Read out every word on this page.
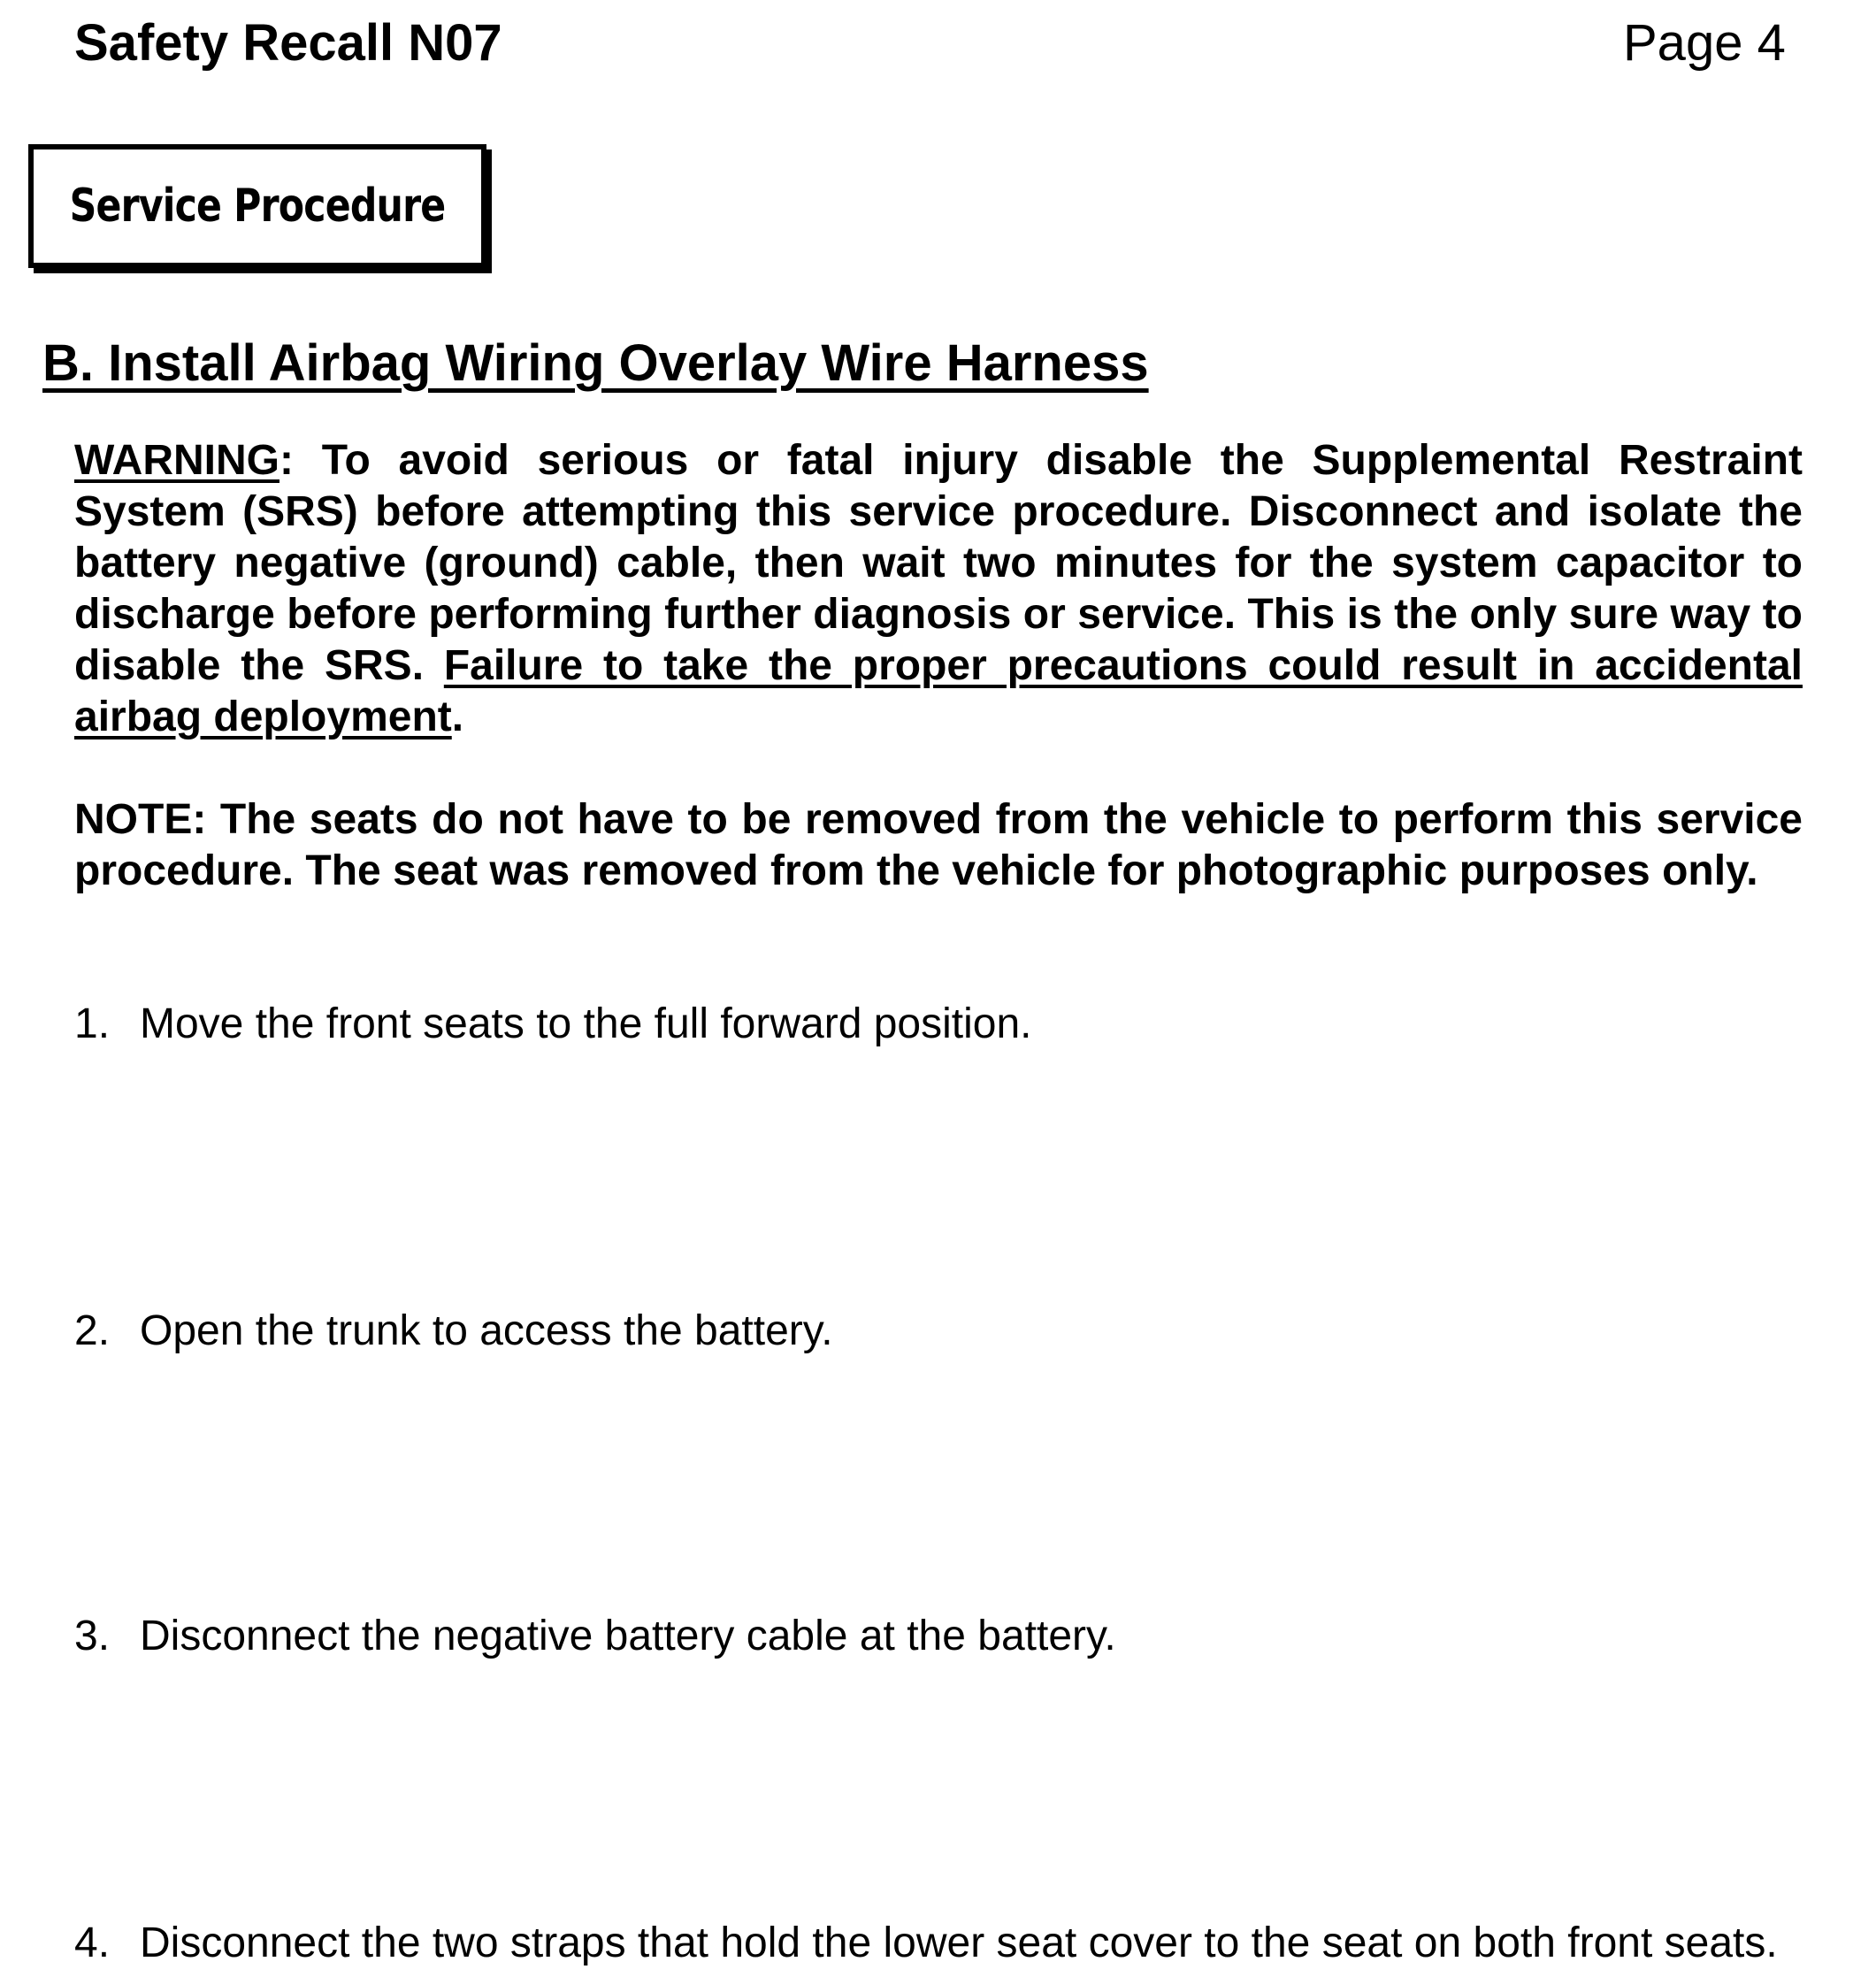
Safety Recall N07	Page 4
Service Procedure
B. Install Airbag Wiring Overlay Wire Harness
WARNING: To avoid serious or fatal injury disable the Supplemental Restraint System (SRS) before attempting this service procedure. Disconnect and isolate the battery negative (ground) cable, then wait two minutes for the system capacitor to discharge before performing further diagnosis or service. This is the only sure way to disable the SRS. Failure to take the proper precautions could result in accidental airbag deployment.
NOTE: The seats do not have to be removed from the vehicle to perform this service procedure. The seat was removed from the vehicle for photographic purposes only.
1. Move the front seats to the full forward position.
2. Open the trunk to access the battery.
3. Disconnect the negative battery cable at the battery.
4. Disconnect the two straps that hold the lower seat cover to the seat on both front seats.
